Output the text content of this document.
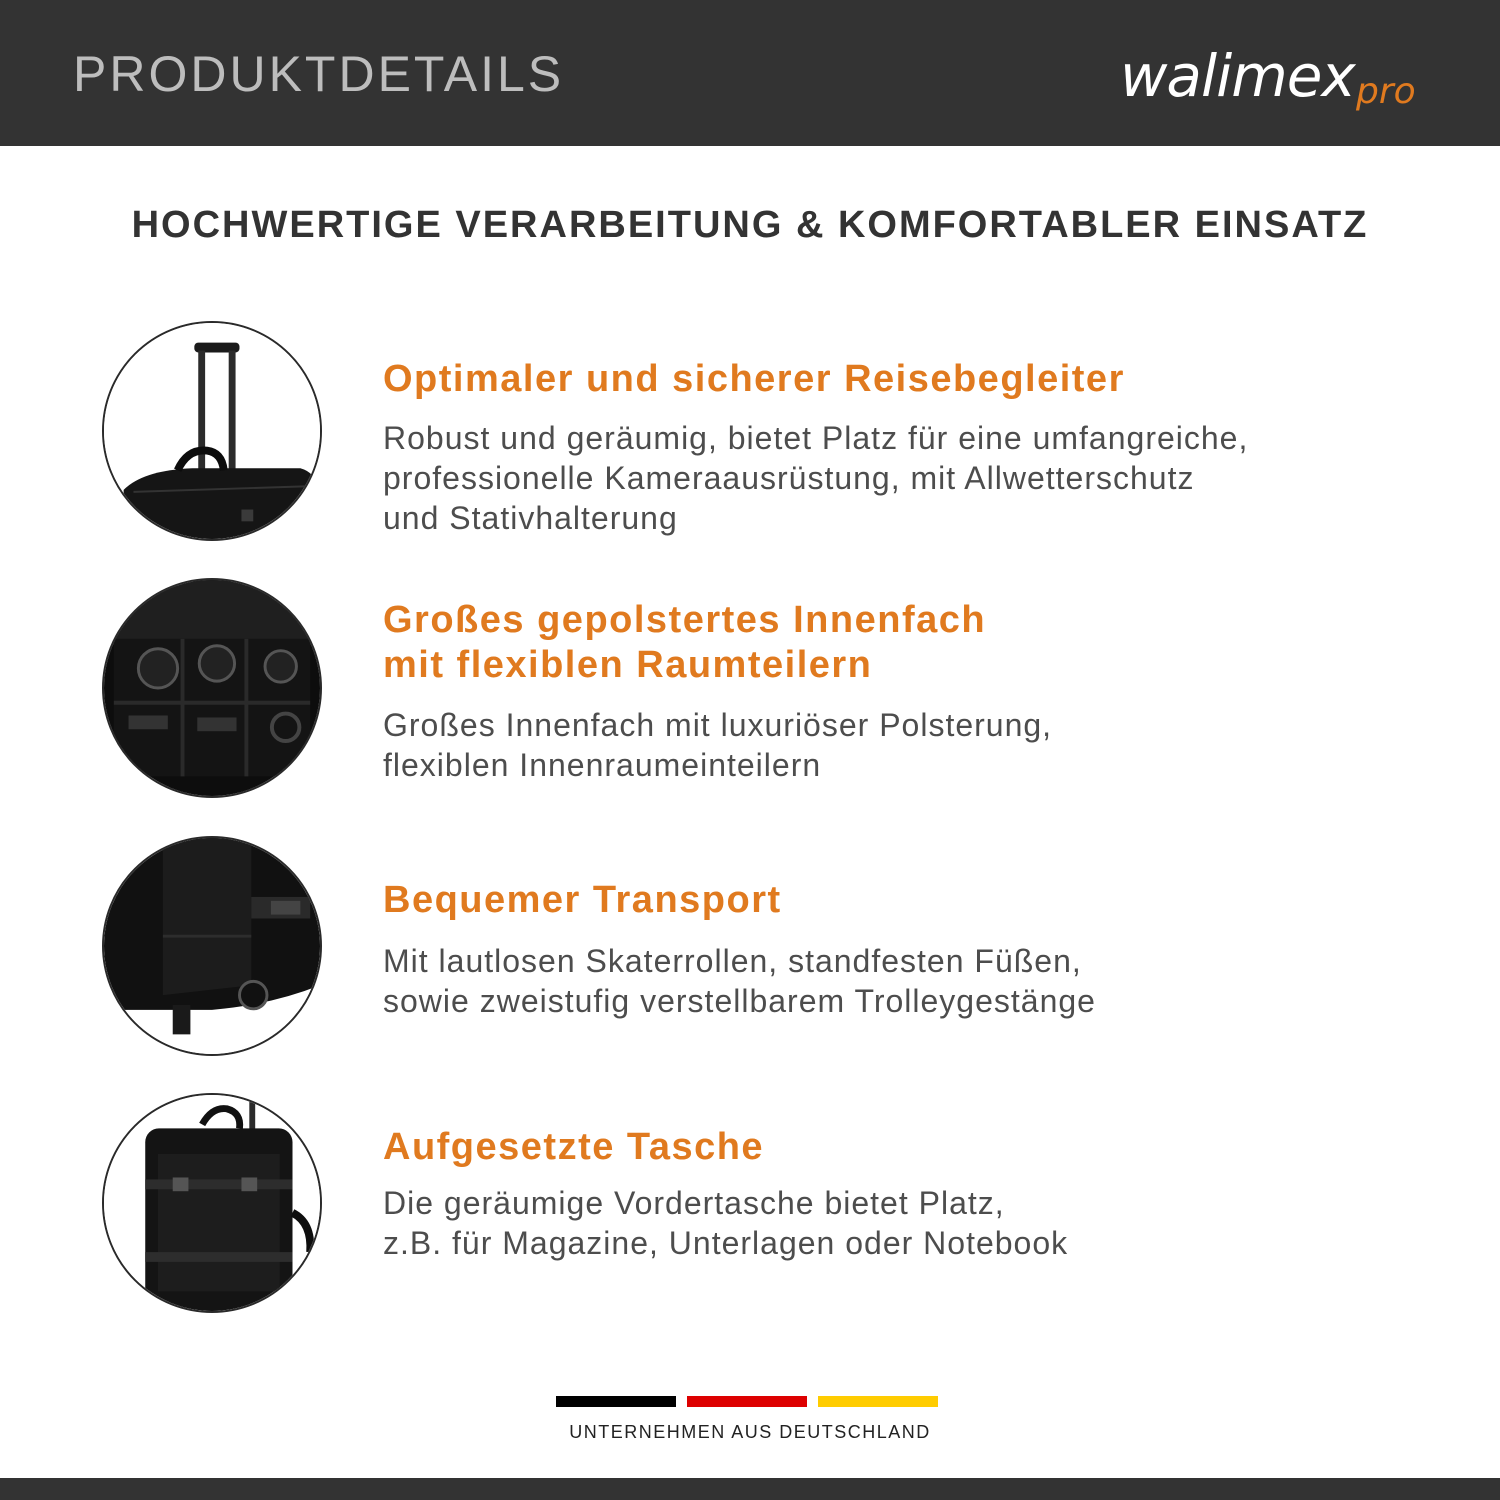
PRODUKTDETAILS	walimex pro
HOCHWERTIGE VERARBEITUNG & KOMFORTABLER EINSATZ
Optimaler und sicherer Reisebegleiter
Robust und geräumig, bietet Platz für eine umfangreiche,
professionelle Kameraausrüstung, mit Allwetterschutz
und Stativhalterung
Großes gepolstertes Innenfach
mit flexiblen Raumteilern
Großes Innenfach mit luxuriöser Polsterung,
flexiblen Innenraumeinteilern
Bequemer Transport
Mit lautlosen Skaterrollen, standfesten Füßen,
sowie zweistufig verstellbarem Trolleygestänge
Aufgesetzte Tasche
Die geräumige Vordertasche bietet Platz,
z.B. für Magazine, Unterlagen oder Notebook
UNTERNEHMEN AUS DEUTSCHLAND
